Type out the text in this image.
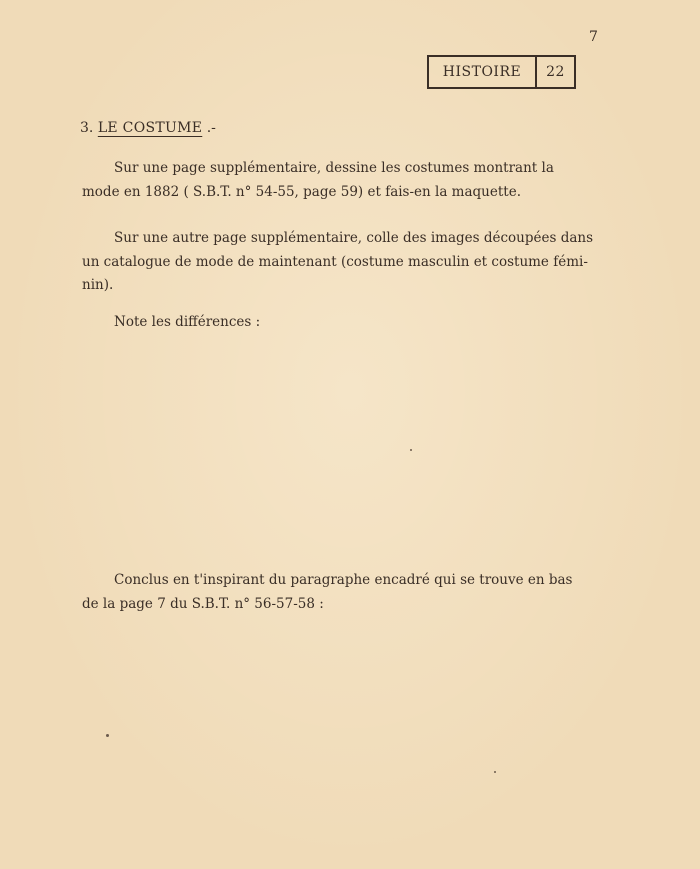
7
HISTOIRE	22
3. LE COSTUME .-

Sur une page supplémentaire, dessine les costumes montrant la
mode en 1882 ( S.B.T. n° 54-55, page 59) et fais-en la maquette.

Sur une autre page supplémentaire, colle des images découpées dans
un catalogue de mode de maintenant (costume masculin et costume fémi-
nin).

Note les différences :

Conclus en t'inspirant du paragraphe encadré qui se trouve en bas
de la page 7 du S.B.T. n° 56-57-58 :
